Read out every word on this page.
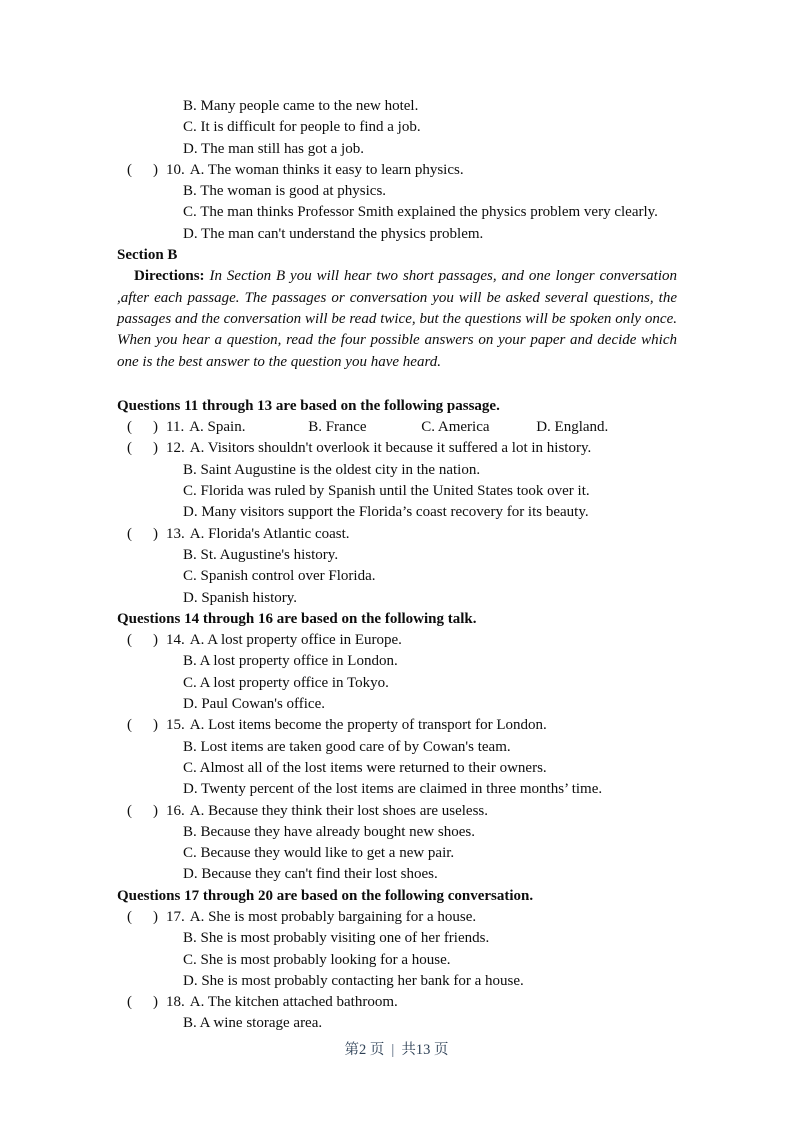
B. Many people came to the new hotel.
C. It is difficult for people to find a job.
D. The man still has got a job.
( ) 10. A. The woman thinks it easy to learn physics.
B. The woman is good at physics.
C. The man thinks Professor Smith explained the physics problem very clearly.
D. The man can't understand the physics problem.
Section B

Directions: In Section B you will hear two short passages, and one longer conversation ,after each passage. The passages or conversation you will be asked several questions, the passages and the conversation will be read twice, but the questions will be spoken only once. When you hear a question, read the four possible answers on your paper and decide which one is the best answer to the question you have heard.

Questions 11 through 13 are based on the following passage.
( ) 11. A. Spain.	B. France	C. America	D. England.
( ) 12. A. Visitors shouldn't overlook it because it suffered a lot in history.
B. Saint Augustine is the oldest city in the nation.
C. Florida was ruled by Spanish until the United States took over it.
D. Many visitors support the Florida’s coast recovery for its beauty.
( ) 13. A. Florida's Atlantic coast.
B. St. Augustine's history.
C. Spanish control over Florida.
D. Spanish history.
Questions 14 through 16 are based on the following talk.
( ) 14. A. A lost property office in Europe.
B. A lost property office in London.
C. A lost property office in Tokyo.
D. Paul Cowan's office.
( ) 15. A. Lost items become the property of transport for London.
B. Lost items are taken good care of by Cowan's team.
C. Almost all of the lost items were returned to their owners.
D. Twenty percent of the lost items are claimed in three months’ time.
( ) 16. A. Because they think their lost shoes are useless.
B. Because they have already bought new shoes.
C. Because they would like to get a new pair.
D. Because they can't find their lost shoes.
Questions 17 through 20 are based on the following conversation.
( ) 17. A. She is most probably bargaining for a house.
B. She is most probably visiting one of her friends.
C. She is most probably looking for a house.
D. She is most probably contacting her bank for a house.
( ) 18. A. The kitchen attached bathroom.
B. A wine storage area.
第2 页 | 共13 页
